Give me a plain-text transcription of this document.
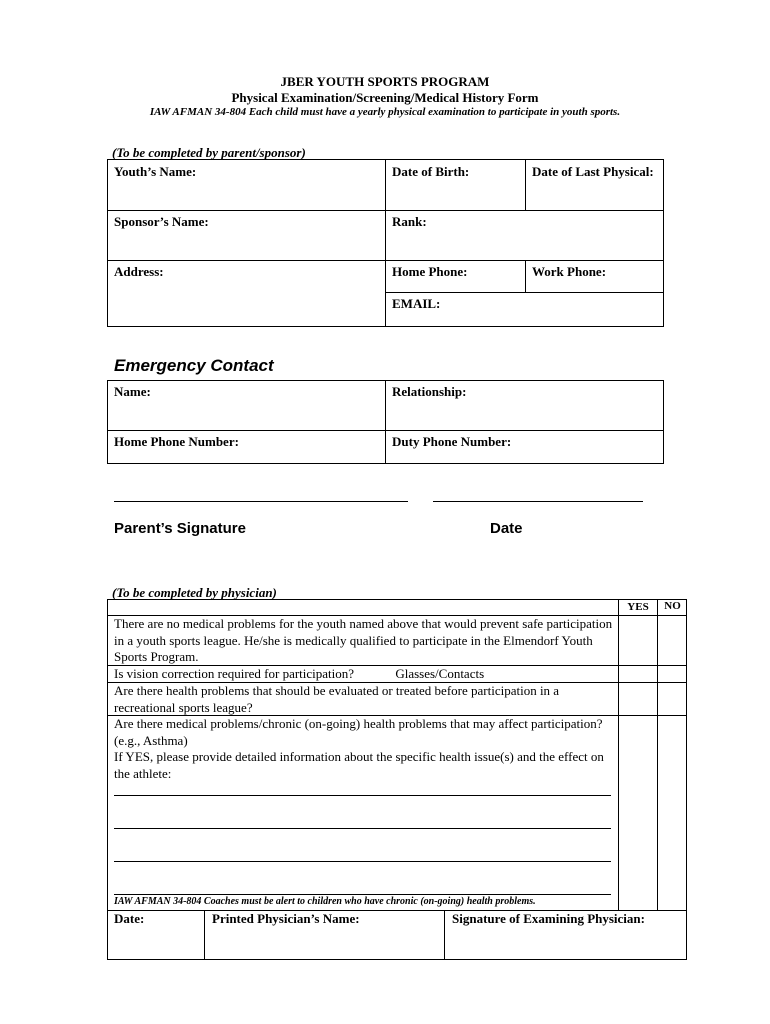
JBER YOUTH SPORTS PROGRAM
Physical Examination/Screening/Medical History Form
IAW AFMAN 34-804 Each child must have a yearly physical examination to participate in youth sports.
(To be completed by parent/sponsor)
Youth’s Name:	Date of Birth:	Date of Last Physical:
Sponsor’s Name:	Rank:
Address:	Home Phone:	Work Phone:
EMAIL:
Emergency Contact
Name:	Relationship:
Home Phone Number:	Duty Phone Number:
Parent’s Signature	Date
(To be completed by physician)
YES	NO
There are no medical problems for the youth named above that would prevent safe participation in a youth sports league. He/she is medically qualified to participate in the Elmendorf Youth Sports Program.
Is vision correction required for participation?	Glasses/Contacts
Are there health problems that should be evaluated or treated before participation in a recreational sports league?
Are there medical problems/chronic (on-going) health problems that may affect participation? (e.g., Asthma)
If YES, please provide detailed information about the specific health issue(s) and the effect on the athlete:
IAW AFMAN 34-804 Coaches must be alert to children who have chronic (on-going) health problems.
Date:	Printed Physician’s Name:	Signature of Examining Physician:
